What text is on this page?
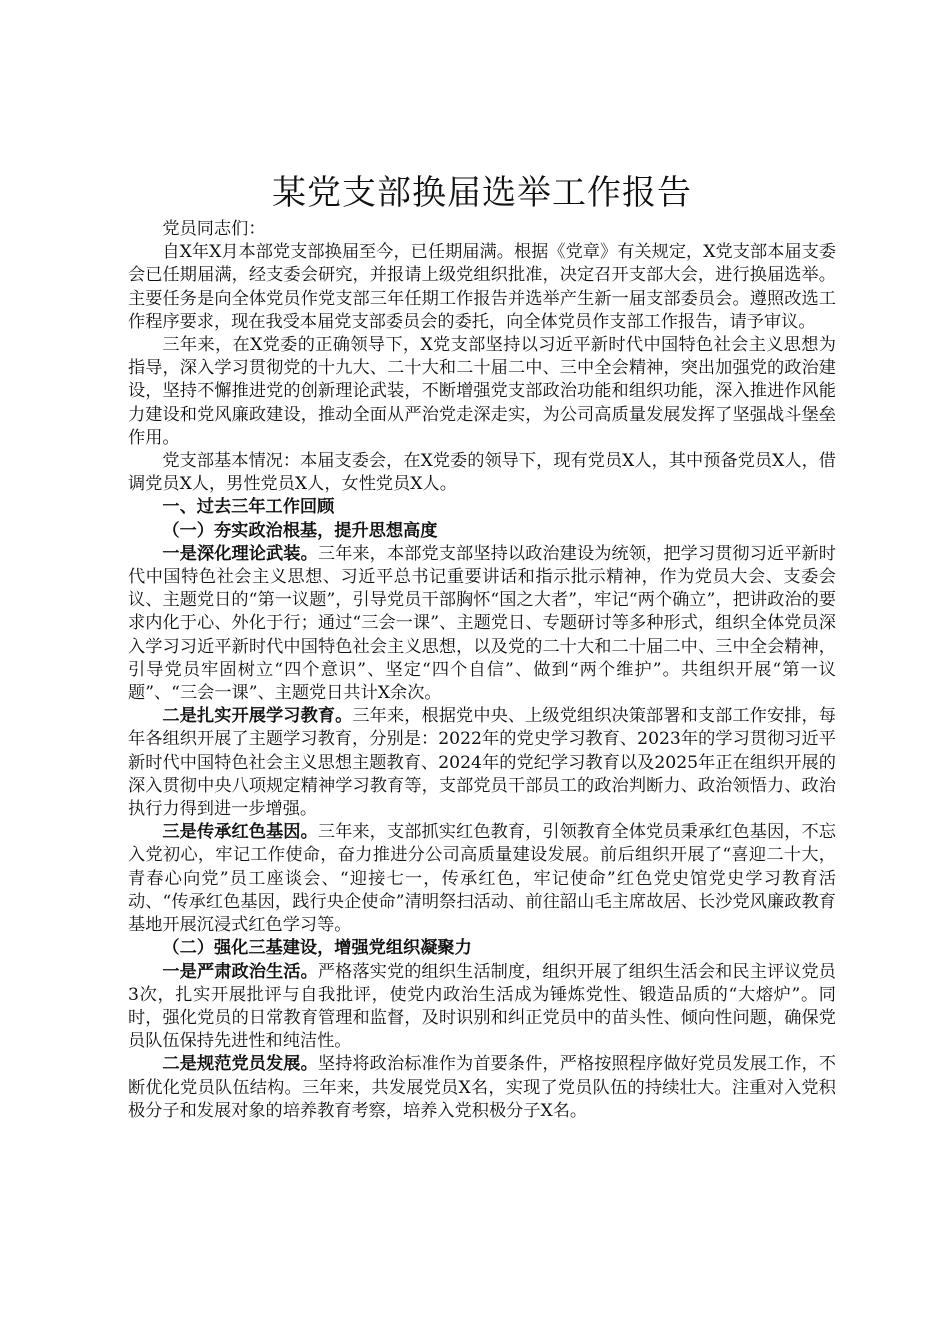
某党支部换届选举工作报告

党员同志们：

自X年X月本部党支部换届至今，已任期届满。根据《党章》有关规定，X党支部本届支委会已任期届满，经支委会研究，并报请上级党组织批准，决定召开支部大会，进行换届选举。主要任务是向全体党员作党支部三年任期工作报告并选举产生新一届支部委员会。遵照改选工作程序要求，现在我受本届党支部委员会的委托，向全体党员作支部工作报告，请予审议。

三年来，在X党委的正确领导下，X党支部坚持以习近平新时代中国特色社会主义思想为指导，深入学习贯彻党的十九大、二十大和二十届二中、三中全会精神，突出加强党的政治建设，坚持不懈推进党的创新理论武装，不断增强党支部政治功能和组织功能，深入推进作风能力建设和党风廉政建设，推动全面从严治党走深走实，为公司高质量发展发挥了坚强战斗堡垒作用。

党支部基本情况：本届支委会，在X党委的领导下，现有党员X人，其中预备党员X人，借调党员X人，男性党员X人，女性党员X人。

一、过去三年工作回顾

（一）夯实政治根基，提升思想高度

一是深化理论武装。三年来，本部党支部坚持以政治建设为统领，把学习贯彻习近平新时代中国特色社会主义思想、习近平总书记重要讲话和指示批示精神，作为党员大会、支委会议、主题党日的“第一议题”，引导党员干部胸怀“国之大者”，牢记“两个确立”，把讲政治的要求内化于心、外化于行；通过“三会一课”、主题党日、专题研讨等多种形式，组织全体党员深入学习习近平新时代中国特色社会主义思想，以及党的二十大和二十届二中、三中全会精神，引导党员牢固树立“四个意识”、坚定“四个自信”、做到“两个维护”。共组织开展“第一议题”、“三会一课”、主题党日共计X余次。

二是扎实开展学习教育。三年来，根据党中央、上级党组织决策部署和支部工作安排，每年各组织开展了主题学习教育，分别是：2022年的党史学习教育、2023年的学习贯彻习近平新时代中国特色社会主义思想主题教育、2024年的党纪学习教育以及2025年正在组织开展的深入贯彻中央八项规定精神学习教育等，支部党员干部员工的政治判断力、政治领悟力、政治执行力得到进一步增强。

三是传承红色基因。三年来，支部抓实红色教育，引领教育全体党员秉承红色基因，不忘入党初心，牢记工作使命，奋力推进分公司高质量建设发展。前后组织开展了“喜迎二十大，青春心向党”员工座谈会、“迎接七一，传承红色，牢记使命”红色党史馆党史学习教育活动、“传承红色基因，践行央企使命”清明祭扫活动、前往韶山毛主席故居、长沙党风廉政教育基地开展沉浸式红色学习等。

（二）强化三基建设，增强党组织凝聚力

一是严肃政治生活。严格落实党的组织生活制度，组织开展了组织生活会和民主评议党员3次，扎实开展批评与自我批评，使党内政治生活成为锤炼党性、锻造品质的“大熔炉”。同时，强化党员的日常教育管理和监督，及时识别和纠正党员中的苗头性、倾向性问题，确保党员队伍保持先进性和纯洁性。

二是规范党员发展。坚持将政治标准作为首要条件，严格按照程序做好党员发展工作，不断优化党员队伍结构。三年来，共发展党员X名，实现了党员队伍的持续壮大。注重对入党积极分子和发展对象的培养教育考察，培养入党积极分子X名。
